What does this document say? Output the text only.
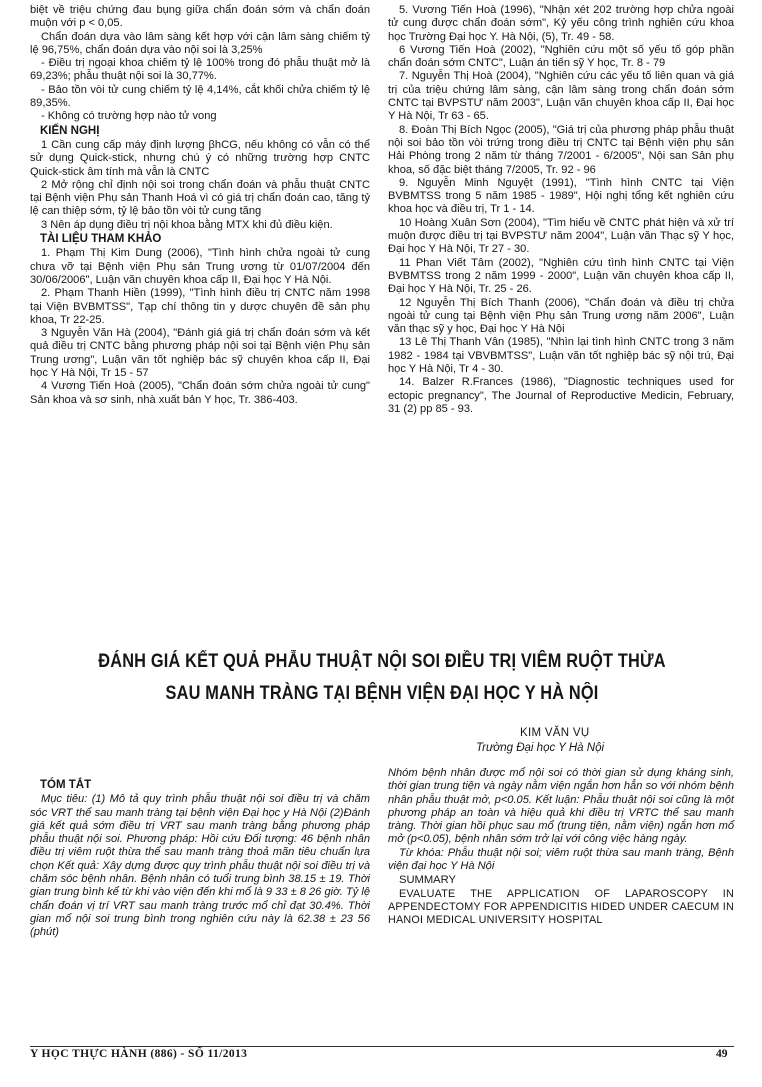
biệt về triệu chứng đau bụng giữa chẩn đoán sớm và chẩn đoán muộn với p < 0,05.

Chẩn đoán dựa vào lâm sàng kết hợp với cận lâm sàng chiếm tỷ lệ 96,75%, chẩn đoán dựa vào nội soi là 3,25%

- Điều trị ngoại khoa chiếm tỷ lệ 100% trong đó phẫu thuật mở là 69,23%; phẫu thuật nội soi là 30,77%.

- Bảo tồn vòi tử cung chiếm tỷ lệ 4,14%, cắt khối chửa chiếm tỷ lệ 89,35%.

- Không có trường hợp nào tử vong

KIẾN NGHỊ

1 Cần cung cấp máy định lượng βhCG, nếu không có vẫn có thể sử dụng Quick-stick, nhưng chú ý có những trường hợp CNTC Quick-stick âm tính mà vẫn là CNTC

2 Mở rộng chỉ định nội soi trong chẩn đoán và phẫu thuật CNTC tại Bệnh viện Phụ sản Thanh Hoá vì có giá trị chẩn đoán cao, tăng tỷ lệ can thiệp sớm, tỷ lệ bảo tồn vòi tử cung tăng

3 Nên áp dụng điều trị nội khoa bằng MTX khi đủ điều kiện.

TÀI LIỆU THAM KHẢO

1. Phạm Thị Kim Dung (2006), "Tình hình chửa ngoài tử cung chưa vỡ tại Bệnh viện Phụ sản Trung ương từ 01/07/2004 đến 30/06/2006", Luận văn chuyên khoa cấp II, Đại học Y Hà Nội.

2. Phạm Thanh Hiền (1999), "Tình hình điều trị CNTC năm 1998 tại Viện BVBMTSS", Tạp chí thông tin y dược chuyên đề sản phụ khoa, Tr 22-25.

3 Nguyễn Văn Hà (2004), "Đánh giá giá trị chẩn đoán sớm và kết quả điều trị CNTC bằng phương pháp nội soi tại Bệnh viện Phụ sản Trung ương", Luận văn tốt nghiệp bác sỹ chuyên khoa cấp II, Đại học Y Hà Nội, Tr 15 - 57

4 Vương Tiến Hoà (2005), "Chẩn đoán sớm chửa ngoài tử cung" Sản khoa và sơ sinh, nhà xuất bản Y học, Tr. 386-403.

5. Vương Tiến Hoà (1996), "Nhận xét 202 trường hợp chửa ngoài tử cung được chẩn đoán sớm", Kỷ yếu công trình nghiên cứu khoa học Trường Đại học Y. Hà Nội, (5), Tr. 49 - 58.

6 Vương Tiến Hoà (2002), "Nghiên cứu một số yếu tố góp phần chẩn đoán sớm CNTC", Luận án tiến sỹ Y học, Tr. 8 - 79

7. Nguyễn Thị Hoà (2004), "Nghiên cứu các yếu tố liên quan và giá trị của triệu chứng lâm sàng, cận lâm sàng trong chẩn đoán sớm CNTC tại BVPSTƯ năm 2003", Luận văn chuyên khoa cấp II, Đại học Y Hà Nội, Tr 63 - 65.

8. Đoàn Thị Bích Ngọc (2005), "Giá trị của phương pháp phẫu thuật nội soi bảo tồn vòi trứng trong điều trị CNTC tại Bệnh viện phụ sản Hải Phòng trong 2 năm từ tháng 7/2001 - 6/2005", Nội san Sản phụ khoa, số đặc biệt tháng 7/2005, Tr. 92 - 96

9. Nguyễn Minh Nguyệt (1991), "Tình hình CNTC tại Viện BVBMTSS trong 5 năm 1985 - 1989", Hội nghị tổng kết nghiên cứu khoa học và điều trị, Tr 1 - 14.

10 Hoàng Xuân Sơn (2004), "Tìm hiểu về CNTC phát hiện và xử trí muộn được điều trị tại BVPSTƯ năm 2004", Luận văn Thạc sỹ Y học, Đại học Y Hà Nội, Tr 27 - 30.

11 Phan Viết Tâm (2002), "Nghiên cứu tình hình CNTC tại Viện BVBMTSS trong 2 năm 1999 - 2000", Luận văn chuyên khoa cấp II, Đại học Y Hà Nội, Tr. 25 - 26.

12 Nguyễn Thị Bích Thanh (2006), "Chẩn đoán và điều trị chửa ngoài tử cung tại Bệnh viện Phụ sản Trung ương năm 2006", Luận văn thạc sỹ y học, Đại học Y Hà Nội

13 Lê Thị Thanh Vân (1985), "Nhìn lại tình hình CNTC trong 3 năm 1982 - 1984 tại VBVBMTSS", Luận văn tốt nghiệp bác sỹ nội trú, Đại học Y Hà Nội, Tr 4 - 30.

14. Balzer R.Frances (1986), "Diagnostic techniques used for ectopic pregnancy", The Journal of Reproductive Medicin, February, 31 (2) pp 85 - 93.

ĐÁNH GIÁ KẾT QUẢ PHẪU THUẬT NỘI SOI ĐIỀU TRỊ VIÊM RUỘT THỪA
SAU MANH TRÀNG TẠI BỆNH VIỆN ĐẠI HỌC Y HÀ NỘI
KIM VĂN VỤ
Trường Đại học Y Hà Nội

TÓM TẮT

Mục tiêu: (1) Mô tả quy trình phẫu thuật nội soi điều trị và chăm sóc VRT thể sau manh tràng tại bệnh viện Đại học y Hà Nội (2)Đánh giá kết quả sớm điều trị VRT sau manh tràng bằng phương pháp phẫu thuật nội soi. Phương pháp: Hồi cứu Đối tượng: 46 bệnh nhân điều trị viêm ruột thừa thể sau manh tràng thoả mãn tiêu chuẩn lựa chọn Kết quả: Xây dựng được quy trình phẫu thuật nội soi điều trị và chăm sóc bệnh nhân. Bệnh nhân có tuổi trung bình 38.15 ± 19. Thời gian trung bình kể từ khi vào viện đến khi mổ là 9 33 ± 8 26 giờ. Tỷ lệ chẩn đoán vị trí VRT sau manh tràng trước mổ chỉ đạt 30.4%. Thời gian mổ nội soi trung bình trong nghiên cứu này là 62.38 ± 23 56 (phút)

Nhóm bệnh nhân được mổ nội soi có thời gian sử dụng kháng sinh, thời gian trung tiện và ngày nằm viện ngắn hơn hẳn so với nhóm bệnh nhân phẫu thuật mở, p<0.05. Kết luận: Phẫu thuật nội soi cũng là một phương pháp an toàn và hiệu quả khi điều trị VRTC thể sau manh tràng. Thời gian hồi phục sau mổ (trung tiện, nằm viện) ngắn hơn mổ mở (p<0.05), bệnh nhân sớm trở lại với công việc hàng ngày.

Từ khóa: Phẫu thuật nội soi; viêm ruột thừa sau manh tràng, Bệnh viện đại học Y Hà Nội

SUMMARY

EVALUATE THE APPLICATION OF LAPAROSCOPY IN APPENDECTOMY FOR APPENDICITIS HIDED UNDER CAECUM IN HANOI MEDICAL UNIVERSITY HOSPITAL

Y HỌC THỰC HÀNH (886) - SỐ 11/2013	49
